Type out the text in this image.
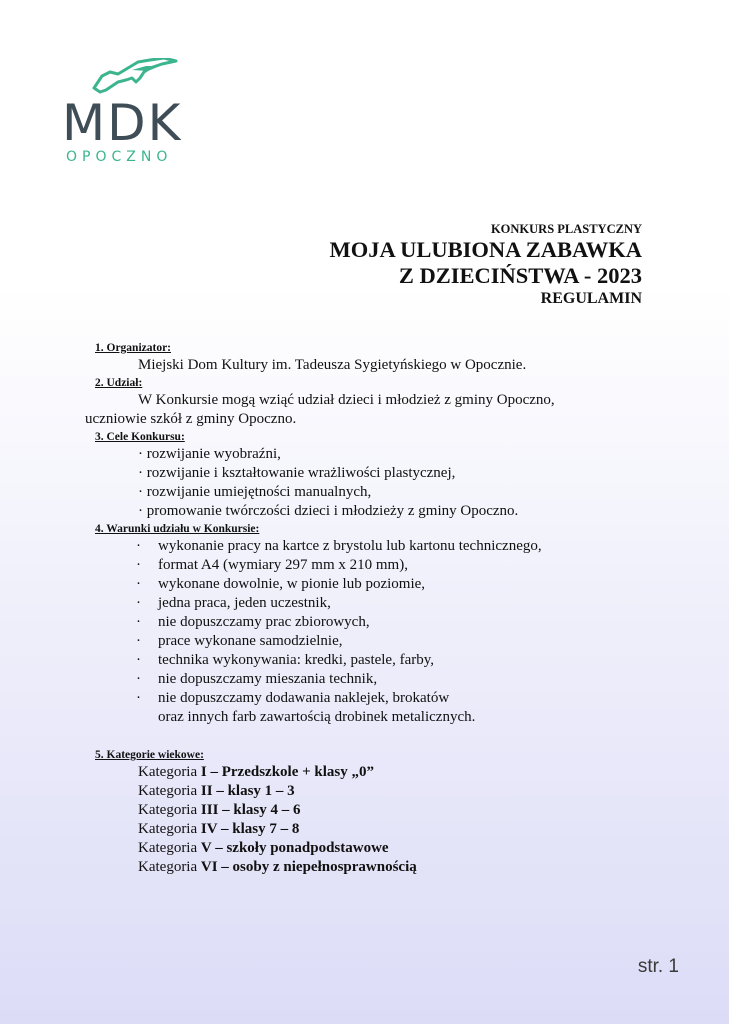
MDK
OPOCZNO
KONKURS PLASTYCZNY
MOJA ULUBIONA ZABAWKA
Z DZIECIŃSTWA - 2023
REGULAMIN
1. Organizator:
Miejski Dom Kultury im. Tadeusza Sygietyńskiego w Opocznie.
2. Udział:
W Konkursie mogą wziąć udział dzieci i młodzież z gminy Opoczno,
uczniowie szkół z gminy Opoczno.
3. Cele Konkursu:
· rozwijanie wyobraźni,
· rozwijanie i kształtowanie wrażliwości plastycznej,
· rozwijanie umiejętności manualnych,
· promowanie twórczości dzieci i młodzieży z gminy Opoczno.
4. Warunki udziału w Konkursie:
·	wykonanie pracy na kartce z brystolu lub kartonu technicznego,
·	format A4 (wymiary 297 mm x 210 mm),
·	wykonane dowolnie, w pionie lub poziomie,
·	jedna praca, jeden uczestnik,
·	nie dopuszczamy prac zbiorowych,
·	prace wykonane samodzielnie,
·	technika wykonywania: kredki, pastele, farby,
·	nie dopuszczamy mieszania technik,
·	nie dopuszczamy dodawania naklejek, brokatów
oraz innych farb zawartością drobinek metalicznych.
5. Kategorie wiekowe:
Kategoria I – Przedszkole + klasy „0”
Kategoria II – klasy 1 – 3
Kategoria III – klasy 4 – 6
Kategoria IV – klasy 7 – 8
Kategoria V – szkoły ponadpodstawowe
Kategoria VI – osoby z niepełnosprawnością
str. 1
